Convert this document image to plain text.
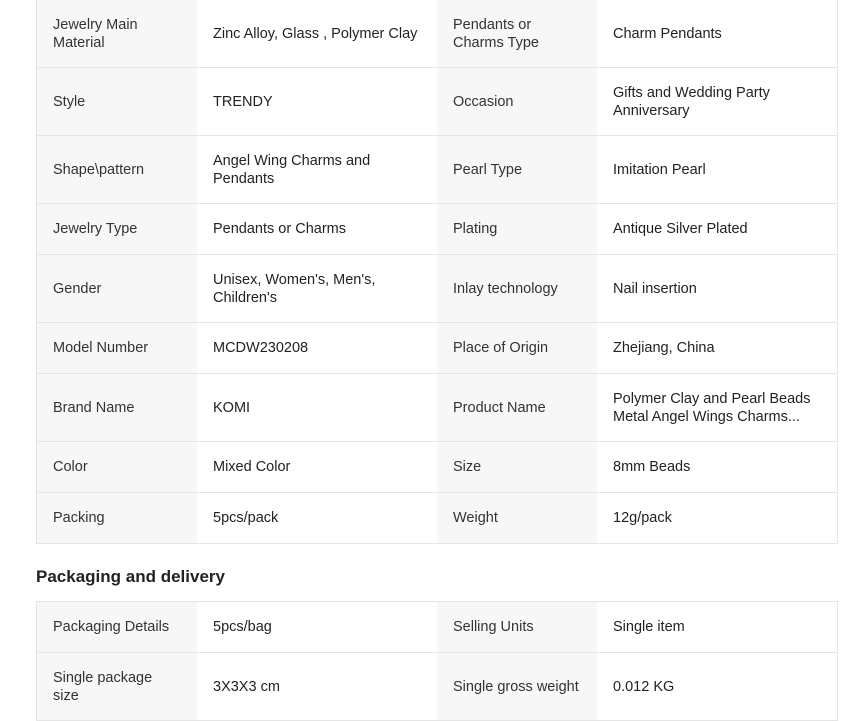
Jewelry Main Material	Zinc Alloy, Glass , Polymer Clay	Pendants or Charms Type	Charm Pendants

Style	TRENDY	Occasion	Gifts and Wedding Party Anniversary

Shape\pattern	Angel Wing Charms and Pendants	Pearl Type	Imitation Pearl

Jewelry Type	Pendants or Charms	Plating	Antique Silver Plated

Gender	Unisex, Women's, Men's, Children's	Inlay technology	Nail insertion

Model Number	MCDW230208	Place of Origin	Zhejiang, China

Brand Name	KOMI	Product Name	Polymer Clay and Pearl Beads Metal Angel Wings Charms...

Color	Mixed Color	Size	8mm Beads

Packing	5pcs/pack	Weight	12g/pack
Packaging and delivery
Packaging Details	5pcs/bag	Selling Units	Single item

Single package size	3X3X3 cm	Single gross weight	0.012 KG
